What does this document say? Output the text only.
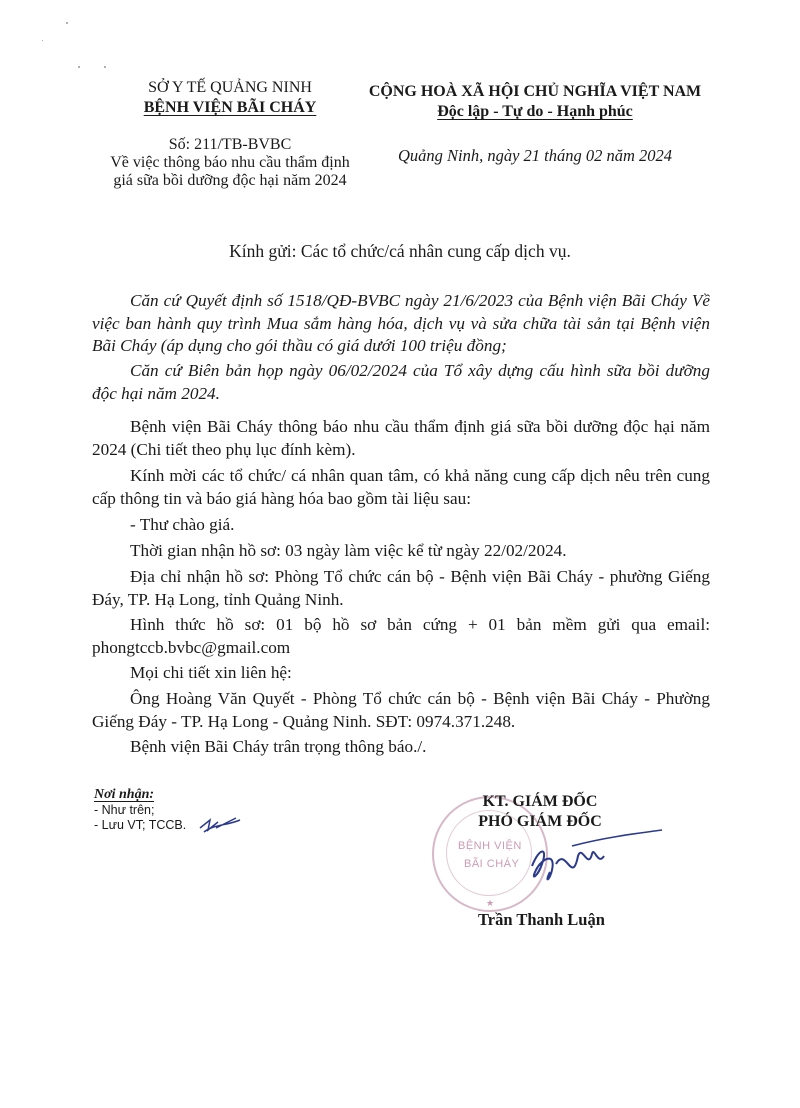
SỞ Y TẾ QUẢNG NINH
BỆNH VIỆN BÃI CHÁY
Số: 211/TB-BVBC
Về việc thông báo nhu cầu thẩm định
giá sữa bồi dưỡng độc hại năm 2024
CỘNG HOÀ XÃ HỘI CHỦ NGHĨA VIỆT NAM
Độc lập - Tự do - Hạnh phúc
Quảng Ninh, ngày 21 tháng 02 năm 2024
Kính gửi: Các tổ chức/cá nhân cung cấp dịch vụ.
Căn cứ Quyết định số 1518/QĐ-BVBC ngày 21/6/2023 của Bệnh viện Bãi Cháy Về việc ban hành quy trình Mua sắm hàng hóa, dịch vụ và sửa chữa tài sản tại Bệnh viện Bãi Cháy (áp dụng cho gói thầu có giá dưới 100 triệu đồng;
Căn cứ Biên bản họp ngày 06/02/2024 của Tổ xây dựng cấu hình sữa bồi dưỡng độc hại năm 2024.
Bệnh viện Bãi Cháy thông báo nhu cầu thẩm định giá sữa bồi dưỡng độc hại năm 2024 (Chi tiết theo phụ lục đính kèm).
Kính mời các tổ chức/ cá nhân quan tâm, có khả năng cung cấp dịch nêu trên cung cấp thông tin và báo giá hàng hóa bao gồm tài liệu sau:
- Thư chào giá.
Thời gian nhận hồ sơ: 03 ngày làm việc kể từ ngày 22/02/2024.
Địa chỉ nhận hồ sơ: Phòng Tổ chức cán bộ - Bệnh viện Bãi Cháy - phường Giếng Đáy, TP. Hạ Long, tỉnh Quảng Ninh.
Hình thức hồ sơ: 01 bộ hồ sơ bản cứng + 01 bản mềm gửi qua email: phongtccb.bvbc@gmail.com
Mọi chi tiết xin liên hệ:
Ông Hoàng Văn Quyết - Phòng Tổ chức cán bộ - Bệnh viện Bãi Cháy - Phường Giếng Đáy - TP. Hạ Long - Quảng Ninh. SĐT: 0974.371.248.
Bệnh viện Bãi Cháy trân trọng thông báo./.
Nơi nhận:
- Như trên;
- Lưu VT; TCCB.
BỆNH VIỆN
BÃI CHÁY
★
KT. GIÁM ĐỐC
PHÓ GIÁM ĐỐC
Trần Thanh Luận
